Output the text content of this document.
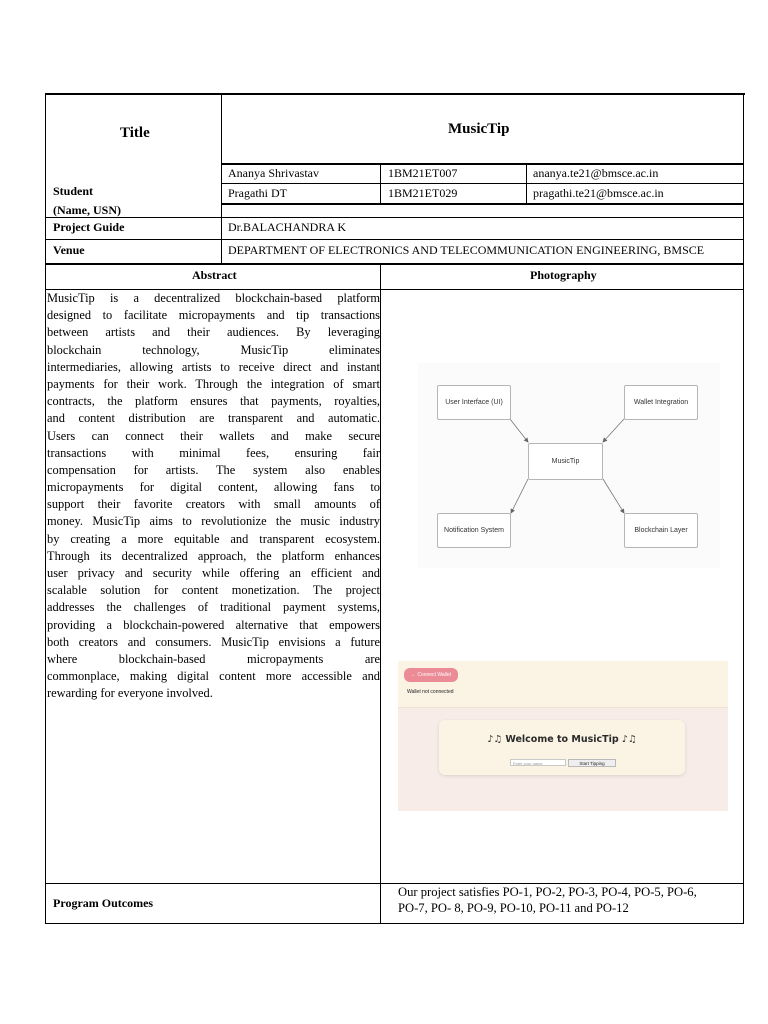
Title	MusicTip
Student
(Name, USN)
Ananya Shrivastav	1BM21ET007	ananya.te21@bmsce.ac.in
Pragathi DT	1BM21ET029	pragathi.te21@bmsce.ac.in
Project Guide	Dr.BALACHANDRA K
Venue	DEPARTMENT OF ELECTRONICS AND TELECOMMUNICATION ENGINEERING, BMSCE
Abstract	Photography
MusicTip is a decentralized blockchain-based platform
designed to facilitate micropayments and tip transactions
between artists and their audiences. By leveraging
blockchain technology, MusicTip eliminates
intermediaries, allowing artists to receive direct and instant
payments for their work. Through the integration of smart
contracts, the platform ensures that payments, royalties,
and content distribution are transparent and automatic.
Users can connect their wallets and make secure
transactions with minimal fees, ensuring fair
compensation for artists. The system also enables
micropayments for digital content, allowing fans to
support their favorite creators with small amounts of
money. MusicTip aims to revolutionize the music industry
by creating a more equitable and transparent ecosystem.
Through its decentralized approach, the platform enhances
user privacy and security while offering an efficient and
scalable solution for content monetization. The project
addresses the challenges of traditional payment systems,
providing a blockchain-powered alternative that empowers
both creators and consumers. MusicTip envisions a future
where blockchain-based micropayments are
commonplace, making digital content more accessible and
rewarding for everyone involved.
User Interface (UI)	Wallet Integration
MusicTip
Notification System	Blockchain Layer
← Connect Wallet
Wallet not connected
♪♫ Welcome to MusicTip ♪♫
Enter your name	Start Tipping
Program Outcomes
Our project satisfies PO-1, PO-2, PO-3, PO-4, PO-5, PO-6,
PO-7, PO- 8, PO-9, PO-10, PO-11 and PO-12
